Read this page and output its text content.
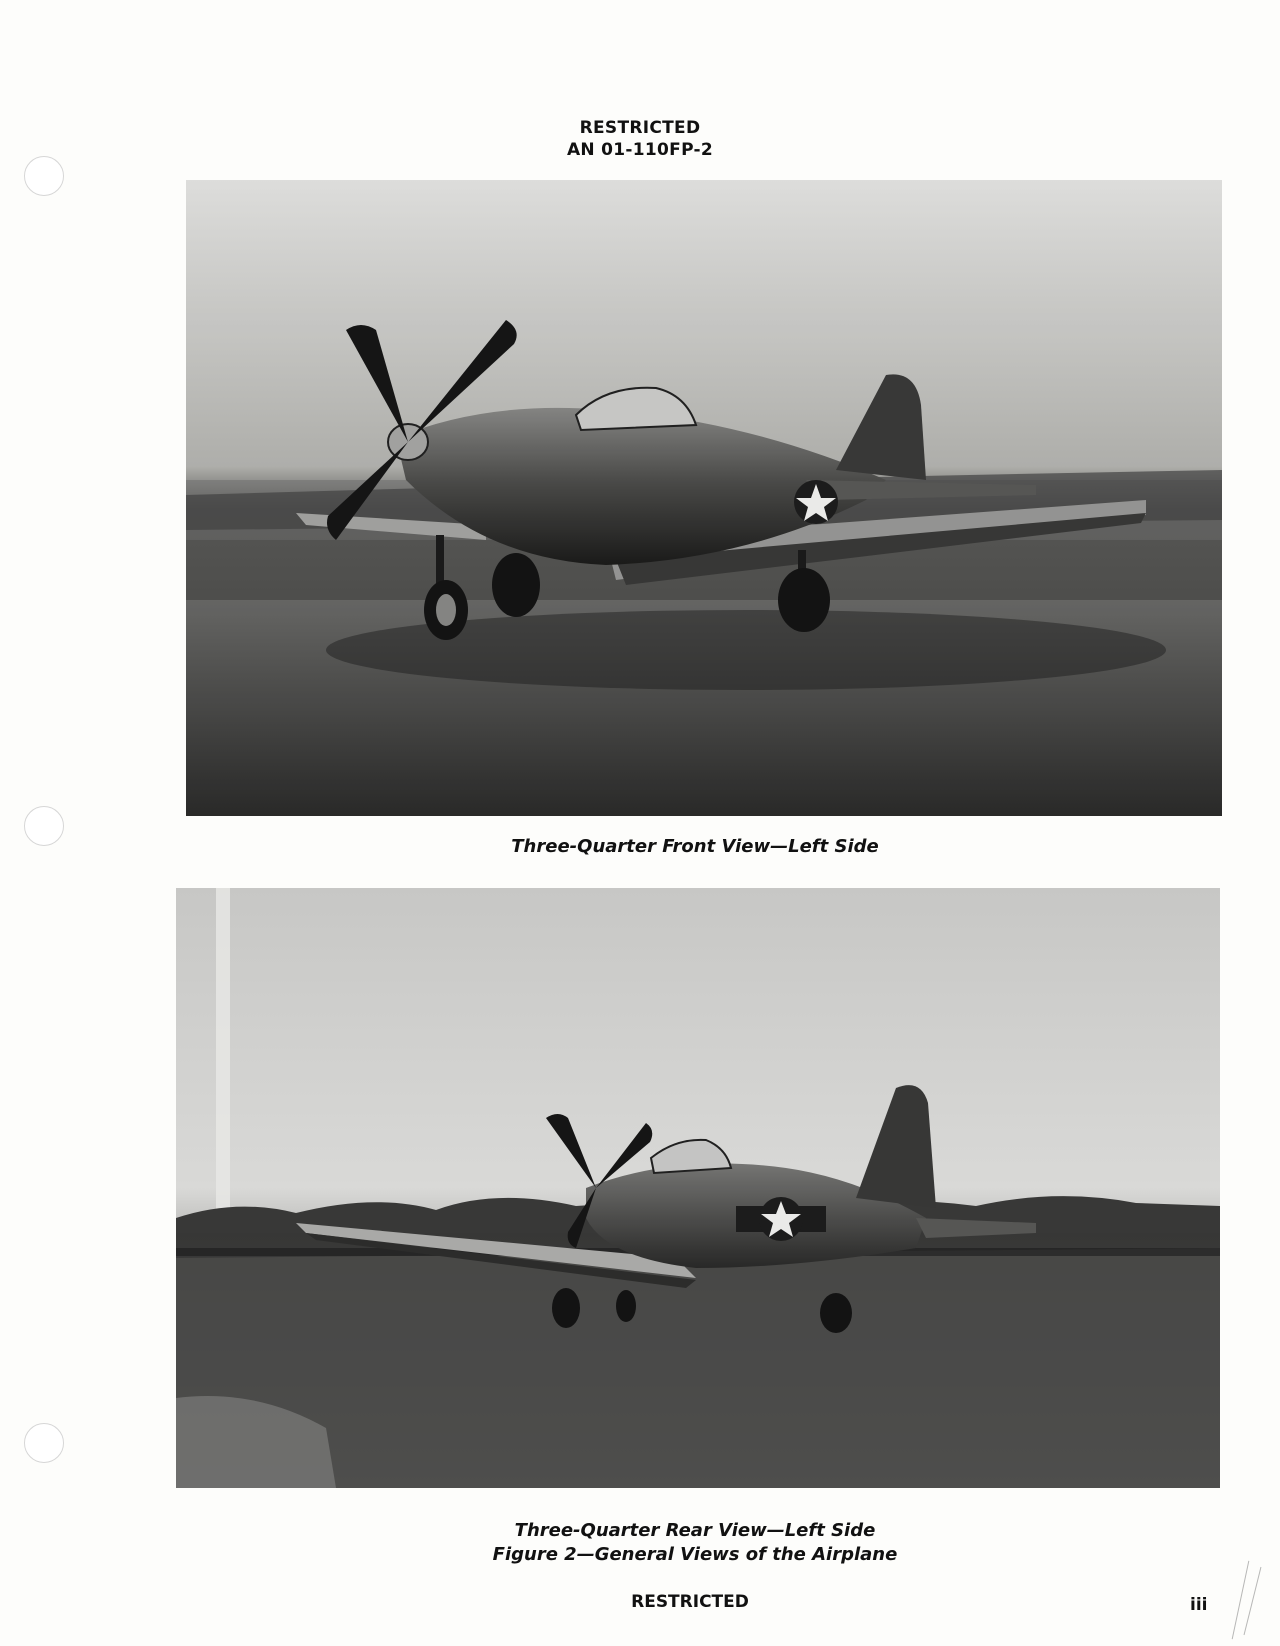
RESTRICTED
AN 01-110FP-2
Three-Quarter Front View—Left Side
Three-Quarter Rear View—Left Side
Figure 2—General Views of the Airplane
RESTRICTED	iii
